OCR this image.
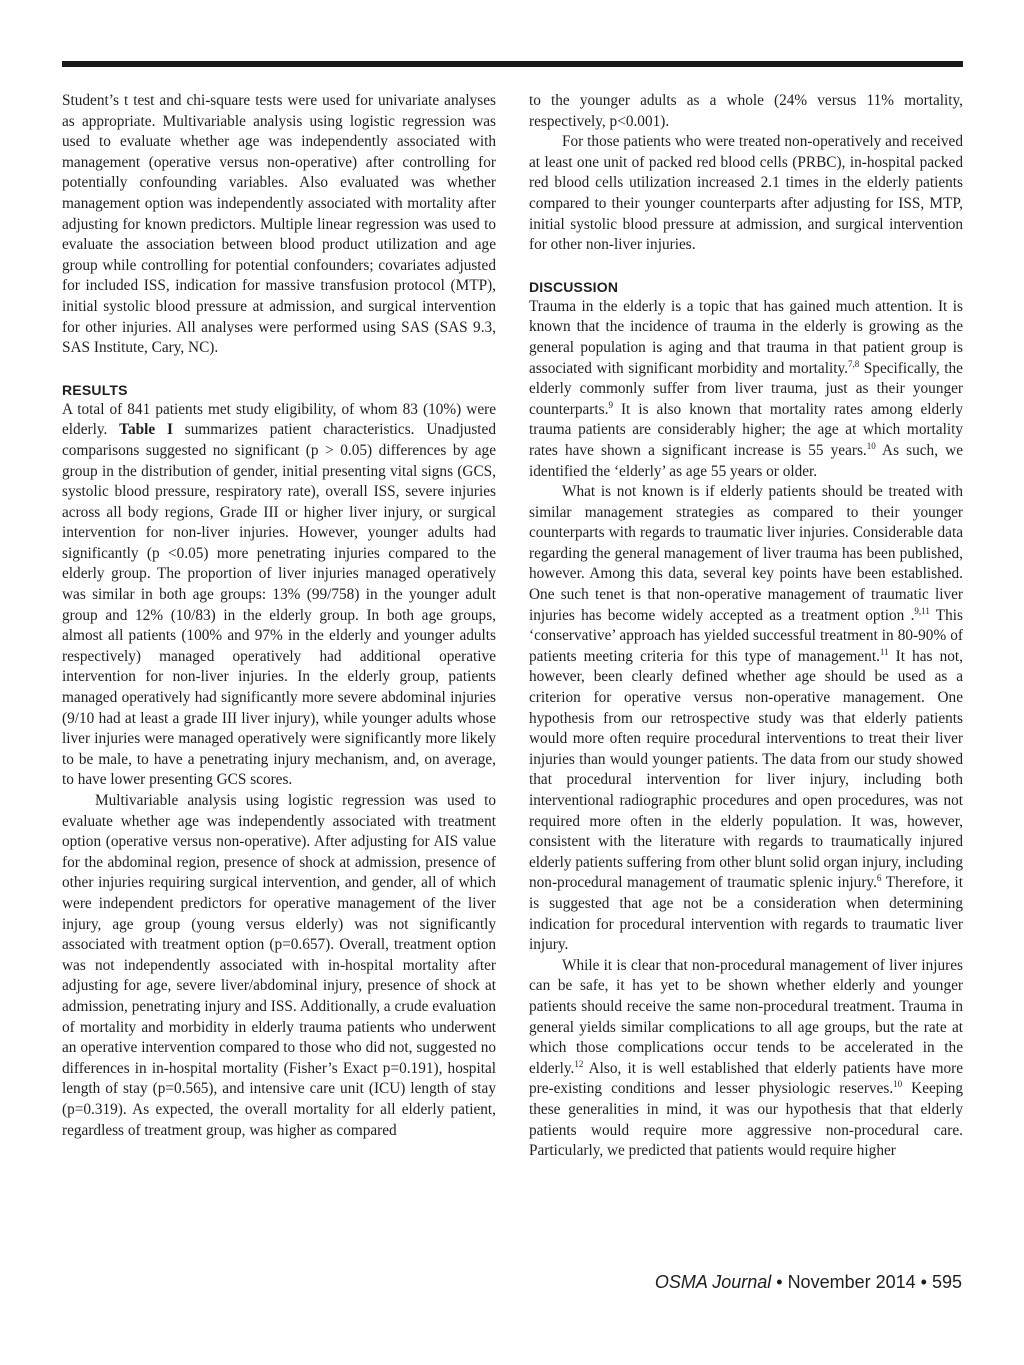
Student’s t test and chi-square tests were used for univariate analyses as appropriate. Multivariable analysis using logistic regression was used to evaluate whether age was independently associated with management (operative versus non-operative) after controlling for potentially confounding variables. Also evaluated was whether management option was independently associated with mortality after adjusting for known predictors. Multiple linear regression was used to evaluate the association between blood product utilization and age group while controlling for potential confounders; covariates adjusted for included ISS, indication for massive transfusion protocol (MTP), initial systolic blood pressure at admission, and surgical intervention for other injuries. All analyses were performed using SAS (SAS 9.3, SAS Institute, Cary, NC).

RESULTS

A total of 841 patients met study eligibility, of whom 83 (10%) were elderly. Table I summarizes patient characteristics. Unadjusted comparisons suggested no significant (p > 0.05) differences by age group in the distribution of gender, initial presenting vital signs (GCS, systolic blood pressure, respiratory rate), overall ISS, severe injuries across all body regions, Grade III or higher liver injury, or surgical intervention for non-liver injuries. However, younger adults had significantly (p <0.05) more penetrating injuries compared to the elderly group. The proportion of liver injuries managed operatively was similar in both age groups: 13% (99/758) in the younger adult group and 12% (10/83) in the elderly group. In both age groups, almost all patients (100% and 97% in the elderly and younger adults respectively) managed operatively had additional operative intervention for non-liver injuries. In the elderly group, patients managed operatively had significantly more severe abdominal injuries (9/10 had at least a grade III liver injury), while younger adults whose liver injuries were managed operatively were significantly more likely to be male, to have a penetrating injury mechanism, and, on average, to have lower presenting GCS scores.

Multivariable analysis using logistic regression was used to evaluate whether age was independently associated with treatment option (operative versus non-operative). After adjusting for AIS value for the abdominal region, presence of shock at admission, presence of other injuries requiring surgical intervention, and gender, all of which were independent predictors for operative management of the liver injury, age group (young versus elderly) was not significantly associated with treatment option (p=0.657). Overall, treatment option was not independently associated with in-hospital mortality after adjusting for age, severe liver/abdominal injury, presence of shock at admission, penetrating injury and ISS. Additionally, a crude evaluation of mortality and morbidity in elderly trauma patients who underwent an operative intervention compared to those who did not, suggested no differences in in-hospital mortality (Fisher’s Exact p=0.191), hospital length of stay (p=0.565), and intensive care unit (ICU) length of stay (p=0.319). As expected, the overall mortality for all elderly patient, regardless of treatment group, was higher as compared

to the younger adults as a whole (24% versus 11% mortality, respectively, p<0.001).

For those patients who were treated non-operatively and received at least one unit of packed red blood cells (PRBC), in-hospital packed red blood cells utilization increased 2.1 times in the elderly patients compared to their younger counterparts after adjusting for ISS, MTP, initial systolic blood pressure at admission, and surgical intervention for other non-liver injuries.

DISCUSSION

Trauma in the elderly is a topic that has gained much attention. It is known that the incidence of trauma in the elderly is growing as the general population is aging and that trauma in that patient group is associated with significant morbidity and mortality.$^{7,8}$ Specifically, the elderly commonly suffer from liver trauma, just as their younger counterparts.$^9$ It is also known that mortality rates among elderly trauma patients are considerably higher; the age at which mortality rates have shown a significant increase is 55 years.$^{10}$ As such, we identified the ‘elderly’ as age 55 years or older.

What is not known is if elderly patients should be treated with similar management strategies as compared to their younger counterparts with regards to traumatic liver injuries. Considerable data regarding the general management of liver trauma has been published, however. Among this data, several key points have been established. One such tenet is that non-operative management of traumatic liver injuries has become widely accepted as a treatment option .$^{9,11}$ This ‘conservative’ approach has yielded successful treatment in 80-90% of patients meeting criteria for this type of management.$^{11}$ It has not, however, been clearly defined whether age should be used as a criterion for operative versus non-operative management. One hypothesis from our retrospective study was that elderly patients would more often require procedural interventions to treat their liver injuries than would younger patients. The data from our study showed that procedural intervention for liver injury, including both interventional radiographic procedures and open procedures, was not required more often in the elderly population. It was, however, consistent with the literature with regards to traumatically injured elderly patients suffering from other blunt solid organ injury, including non-procedural management of traumatic splenic injury.$^6$ Therefore, it is suggested that age not be a consideration when determining indication for procedural intervention with regards to traumatic liver injury.

While it is clear that non-procedural management of liver injures can be safe, it has yet to be shown whether elderly and younger patients should receive the same non-procedural treatment. Trauma in general yields similar complications to all age groups, but the rate at which those complications occur tends to be accelerated in the elderly.$^{12}$ Also, it is well established that elderly patients have more pre-existing conditions and lesser physiologic reserves.$^{10}$ Keeping these generalities in mind, it was our hypothesis that that elderly patients would require more aggressive non-procedural care. Particularly, we predicted that patients would require higher

OSMA Journal • November 2014 • 595
